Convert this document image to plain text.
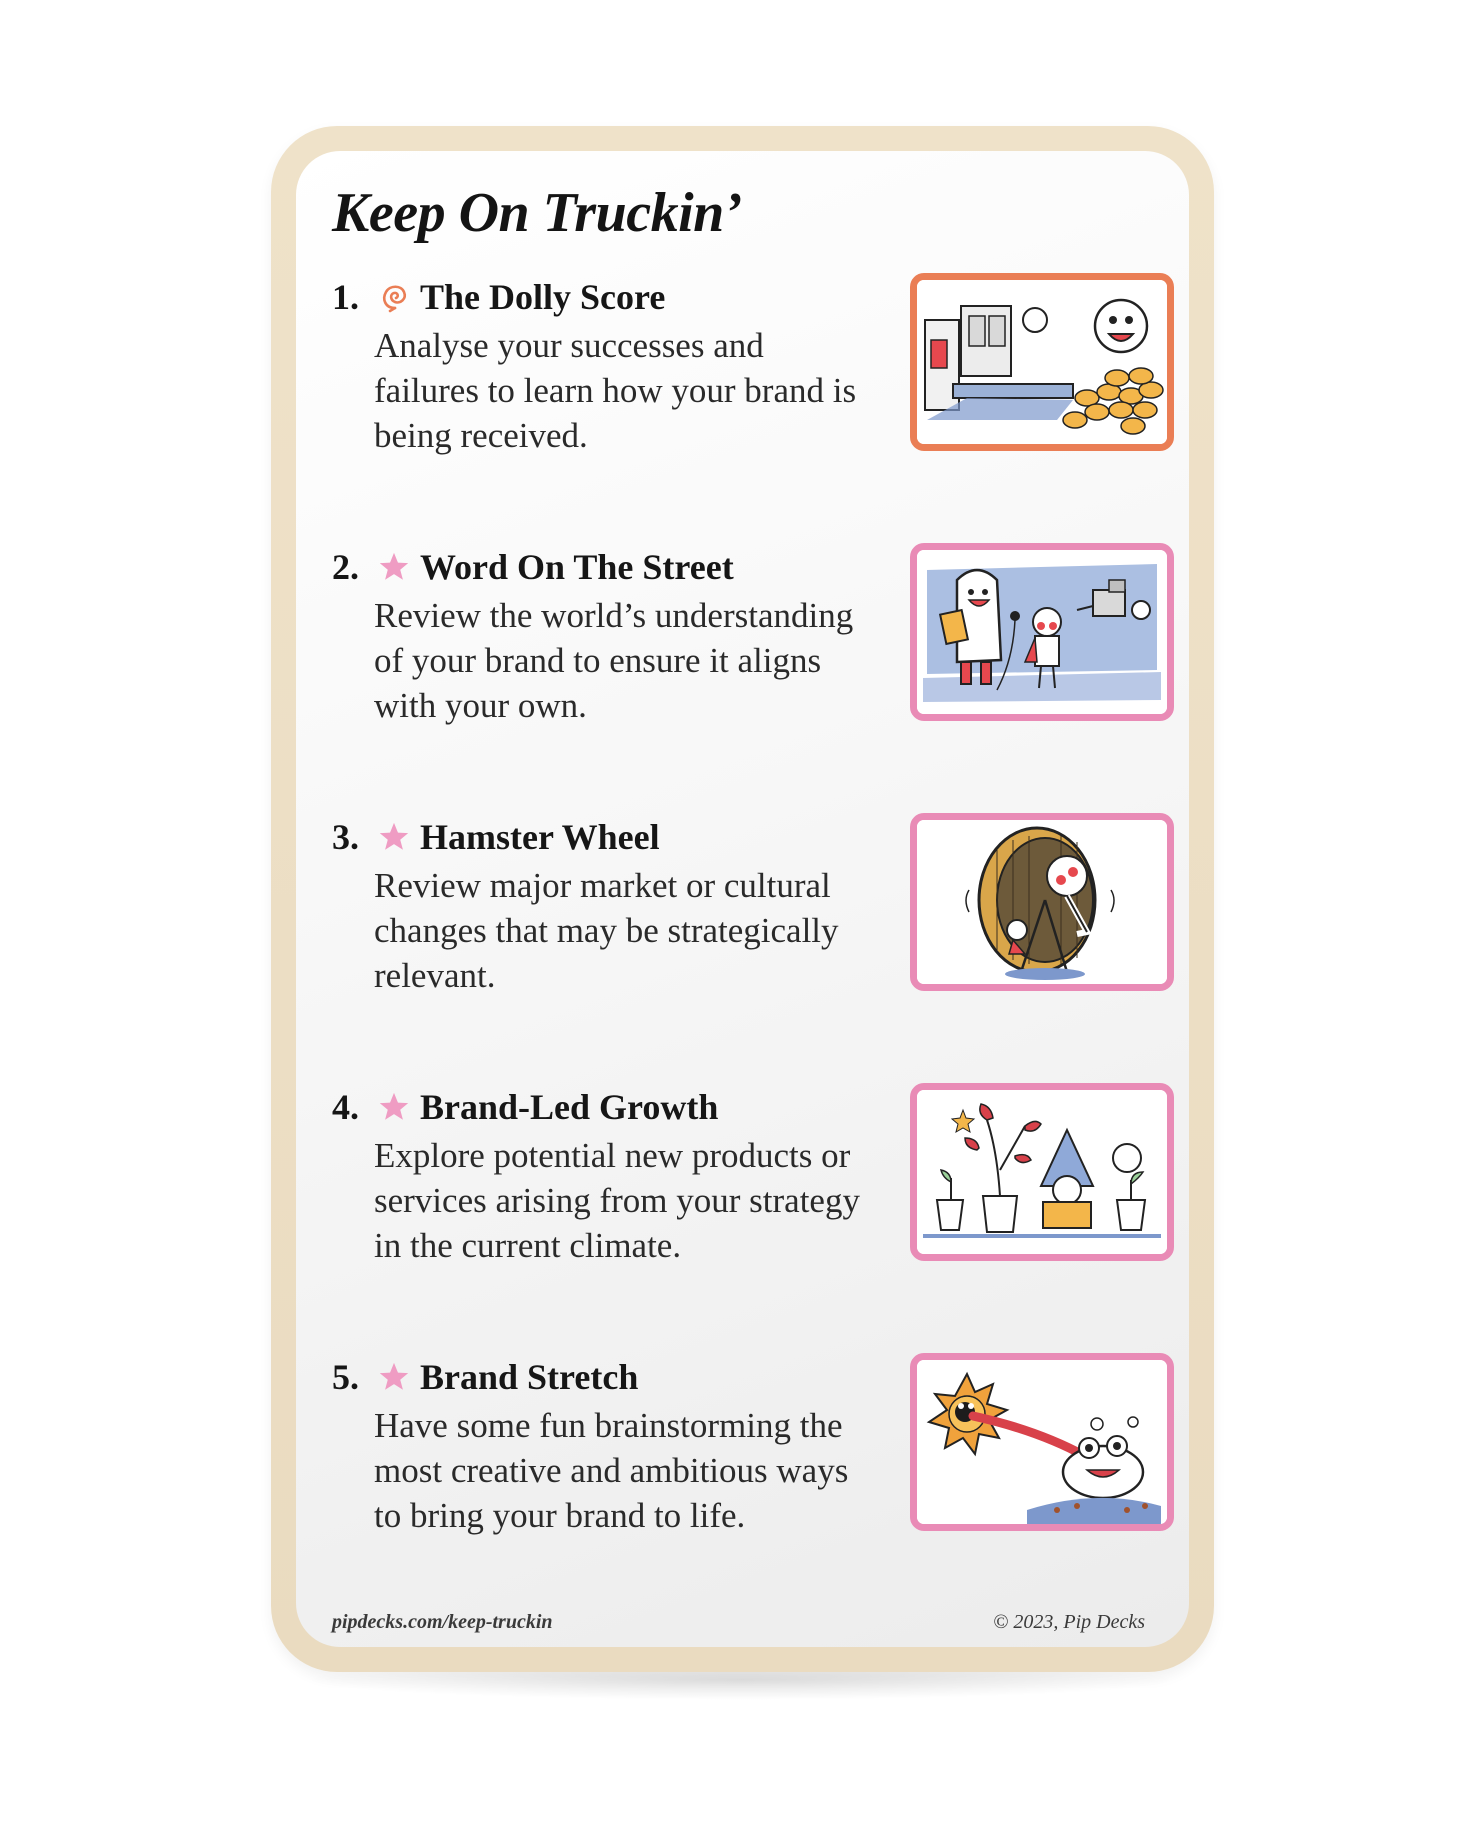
Keep On Truckin’
1.	The Dolly Score

Analyse your successes and failures to learn how your brand is being received.

2.	Word On The Street

Review the world’s understanding of your brand to ensure it aligns with your own.

3.	Hamster Wheel

Review major market or cultural changes that may be strategically relevant.

4.	Brand-Led Growth

Explore potential new products or services arising from your strategy in the current climate.

5.	Brand Stretch

Have some fun brainstorming the most creative and ambitious ways to bring your brand to life.

pipdecks.com/keep-truckin	© 2023, Pip Decks
